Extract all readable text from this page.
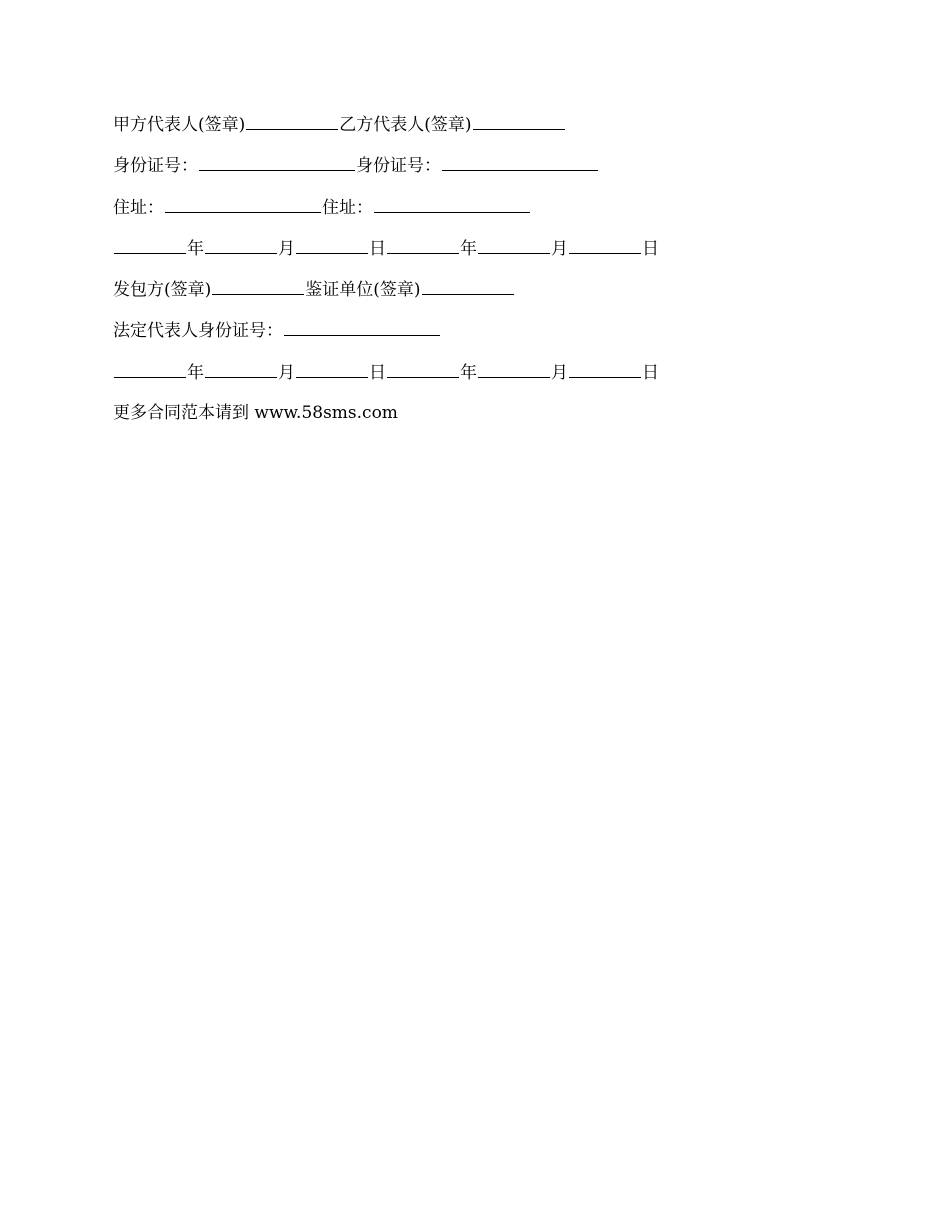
甲方代表人(签章)	乙方代表人(签章)
身份证号：	身份证号：
住址：	住址：
年	月	日	年	月	日
发包方(签章)	鉴证单位(签章)
法定代表人身份证号：
年	月	日	年	月	日
更多合同范本请到 www.58sms.com
